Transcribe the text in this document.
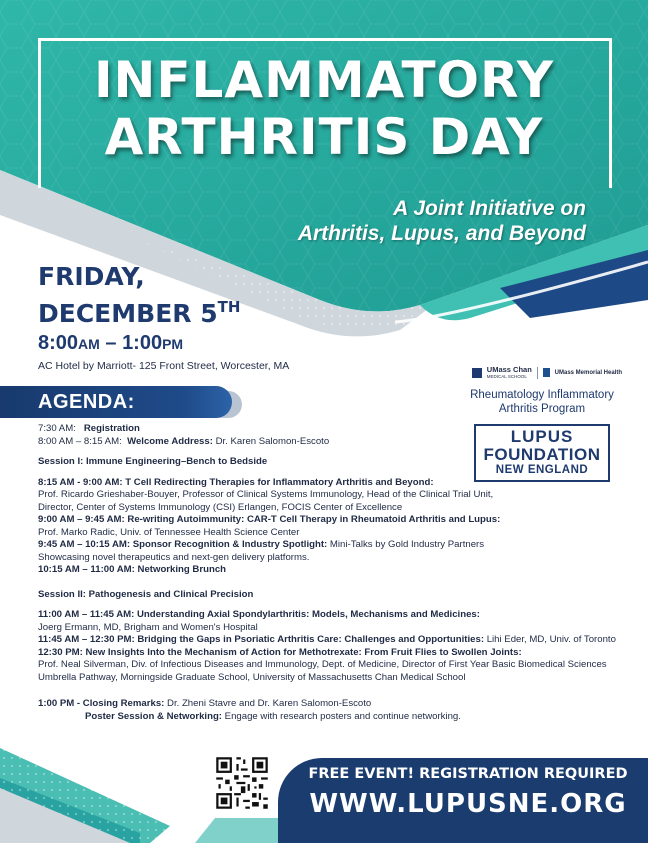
INFLAMMATORY
ARTHRITIS DAY
A Joint Initiative on
Arthritis, Lupus, and Beyond
FRIDAY,
DECEMBER 5TH
8:00AM – 1:00PM
AC Hotel by Marriott- 125 Front Street, Worcester, MA
AGENDA:
UMass Chan
MEDICAL SCHOOL
UMass Memorial Health
Rheumatology Inflammatory
Arthritis Program
LUPUS
FOUNDATION
NEW ENGLAND
7:30 AM: Registration
8:00 AM – 8:15 AM: Welcome Address: Dr. Karen Salomon-Escoto
Session I: Immune Engineering–Bench to Bedside
8:15 AM - 9:00 AM: T Cell Redirecting Therapies for Inflammatory Arthritis and Beyond:
Prof. Ricardo Grieshaber-Bouyer, Professor of Clinical Systems Immunology, Head of the Clinical Trial Unit,
Director, Center of Systems Immunology (CSI) Erlangen, FOCIS Center of Excellence
9:00 AM – 9:45 AM: Re-writing Autoimmunity: CAR-T Cell Therapy in Rheumatoid Arthritis and Lupus:
Prof. Marko Radic, Univ. of Tennessee Health Science Center
9:45 AM – 10:15 AM: Sponsor Recognition & Industry Spotlight: Mini-Talks by Gold Industry Partners
Showcasing novel therapeutics and next-gen delivery platforms.
10:15 AM – 11:00 AM: Networking Brunch
Session II: Pathogenesis and Clinical Precision
11:00 AM – 11:45 AM: Understanding Axial Spondylarthritis: Models, Mechanisms and Medicines:
Joerg Ermann, MD, Brigham and Women's Hospital
11:45 AM – 12:30 PM: Bridging the Gaps in Psoriatic Arthritis Care: Challenges and Opportunities: Lihi Eder, MD, Univ. of Toronto
12:30 PM: New Insights Into the Mechanism of Action for Methotrexate: From Fruit Flies to Swollen Joints:
Prof. Neal Silverman, Div. of Infectious Diseases and Immunology, Dept. of Medicine, Director of First Year Basic Biomedical Sciences
Umbrella Pathway, Morningside Graduate School, University of Massachusetts Chan Medical School
1:00 PM - Closing Remarks: Dr. Zheni Stavre and Dr. Karen Salomon-Escoto
Poster Session & Networking: Engage with research posters and continue networking.
FREE EVENT! REGISTRATION REQUIRED
WWW.LUPUSNE.ORG
